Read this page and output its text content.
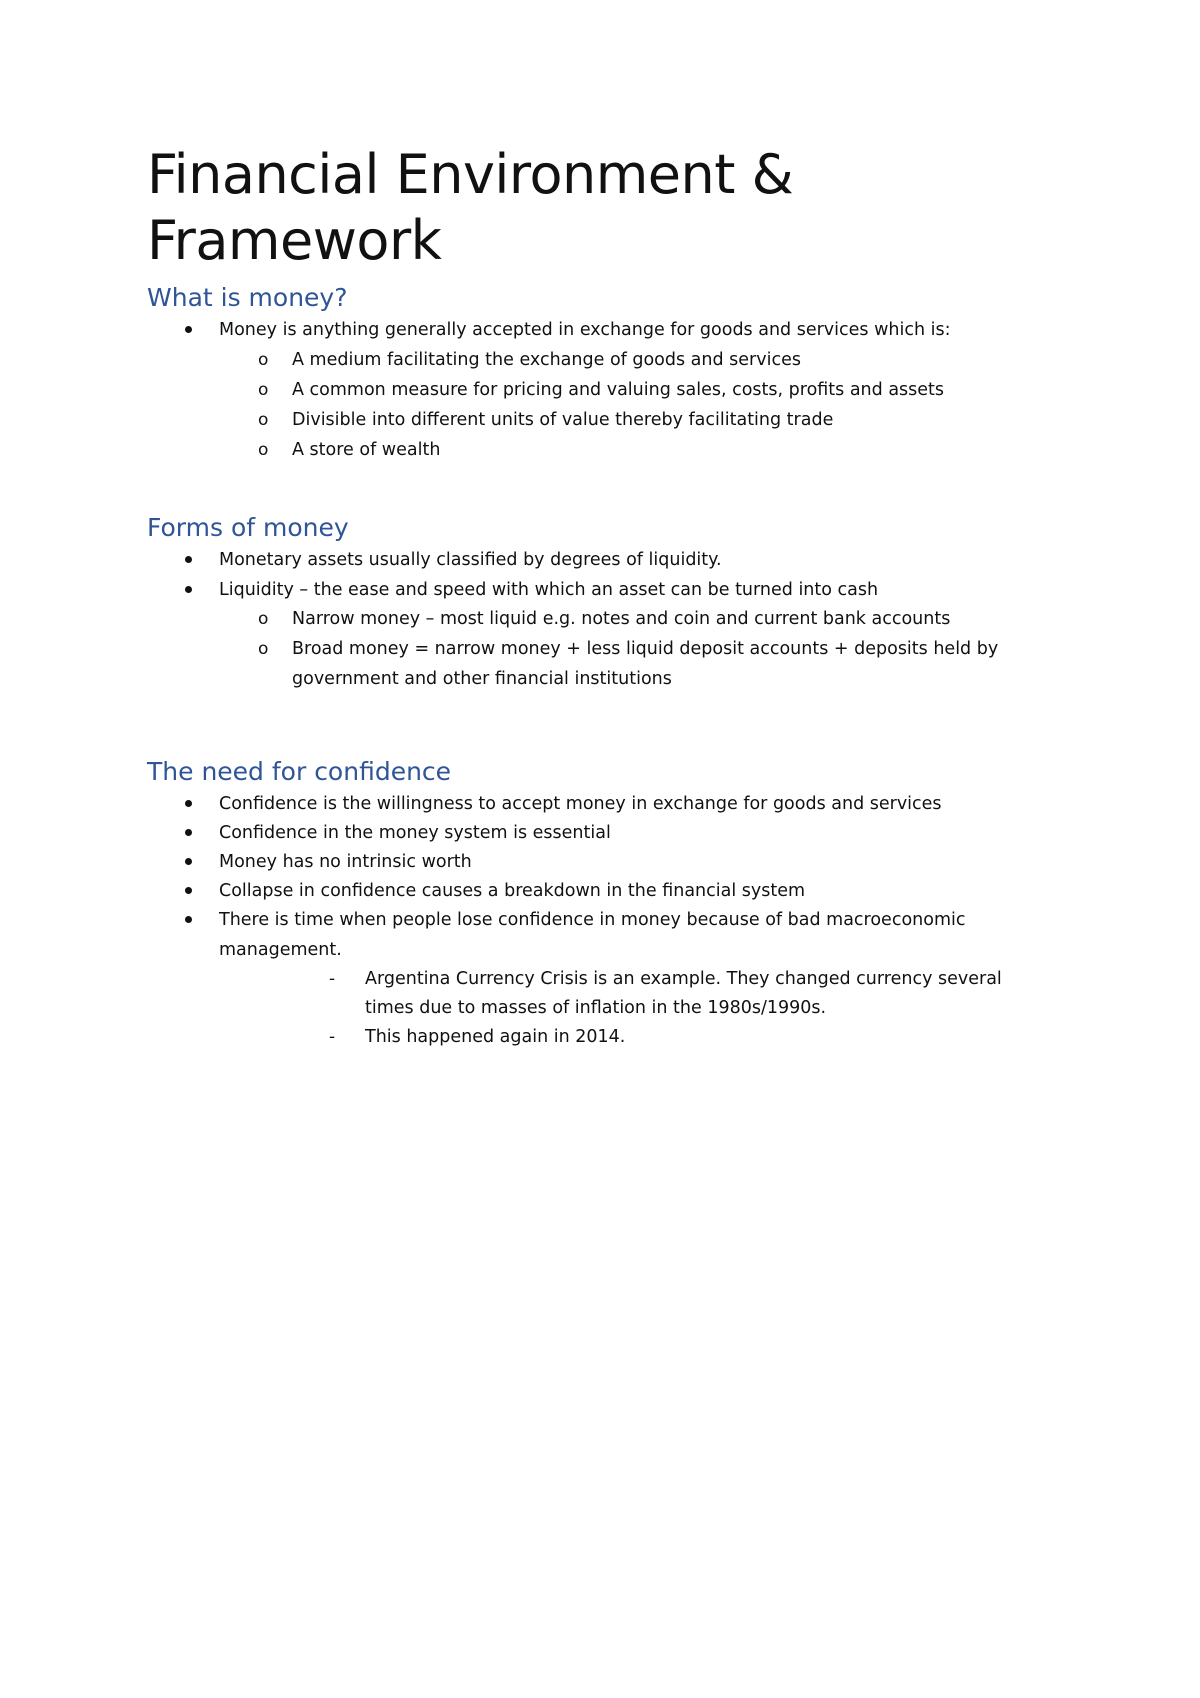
Financial Environment &
Framework
What is money?
Money is anything generally accepted in exchange for goods and services which is:
o A medium facilitating the exchange of goods and services
o A common measure for pricing and valuing sales, costs, profits and assets
o Divisible into different units of value thereby facilitating trade
o A store of wealth
Forms of money
Monetary assets usually classified by degrees of liquidity.
Liquidity – the ease and speed with which an asset can be turned into cash
o Narrow money – most liquid e.g. notes and coin and current bank accounts
o Broad money = narrow money + less liquid deposit accounts + deposits held by
government and other financial institutions
The need for confidence
Confidence is the willingness to accept money in exchange for goods and services
Confidence in the money system is essential
Money has no intrinsic worth
Collapse in confidence causes a breakdown in the financial system
There is time when people lose confidence in money because of bad macroeconomic
management.
- Argentina Currency Crisis is an example. They changed currency several
times due to masses of inflation in the 1980s/1990s.
- This happened again in 2014.
